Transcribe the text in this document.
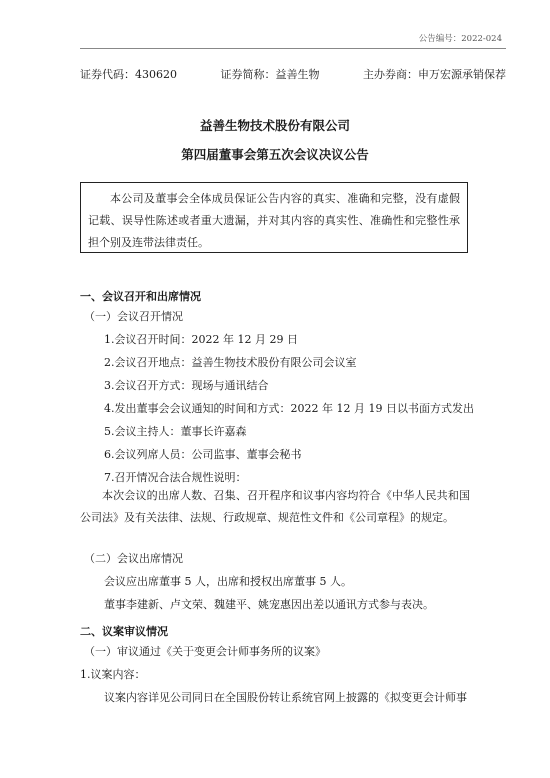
公告编号：2022-024
证券代码：430620	证券简称：益善生物	主办券商：申万宏源承销保荐
益善生物技术股份有限公司
第四届董事会第五次会议决议公告
本公司及董事会全体成员保证公告内容的真实、准确和完整，没有虚假记载、误导性陈述或者重大遗漏，并对其内容的真实性、准确性和完整性承担个别及连带法律责任。
一、会议召开和出席情况
（一）会议召开情况
1.会议召开时间：2022 年 12 月 29 日
2.会议召开地点：益善生物技术股份有限公司会议室
3.会议召开方式：现场与通讯结合
4.发出董事会会议通知的时间和方式：2022 年 12 月 19 日以书面方式发出
5.会议主持人：董事长许嘉森
6.会议列席人员：公司监事、董事会秘书
7.召开情况合法合规性说明：
本次会议的出席人数、召集、召开程序和议事内容均符合《中华人民共和国公司法》及有关法律、法规、行政规章、规范性文件和《公司章程》的规定。
（二）会议出席情况
会议应出席董事 5 人，出席和授权出席董事 5 人。
董事李建新、卢文荣、魏建平、姚宠惠因出差以通讯方式参与表决。
二、议案审议情况
（一）审议通过《关于变更会计师事务所的议案》
1.议案内容：
议案内容详见公司同日在全国股份转让系统官网上披露的《拟变更会计师事
